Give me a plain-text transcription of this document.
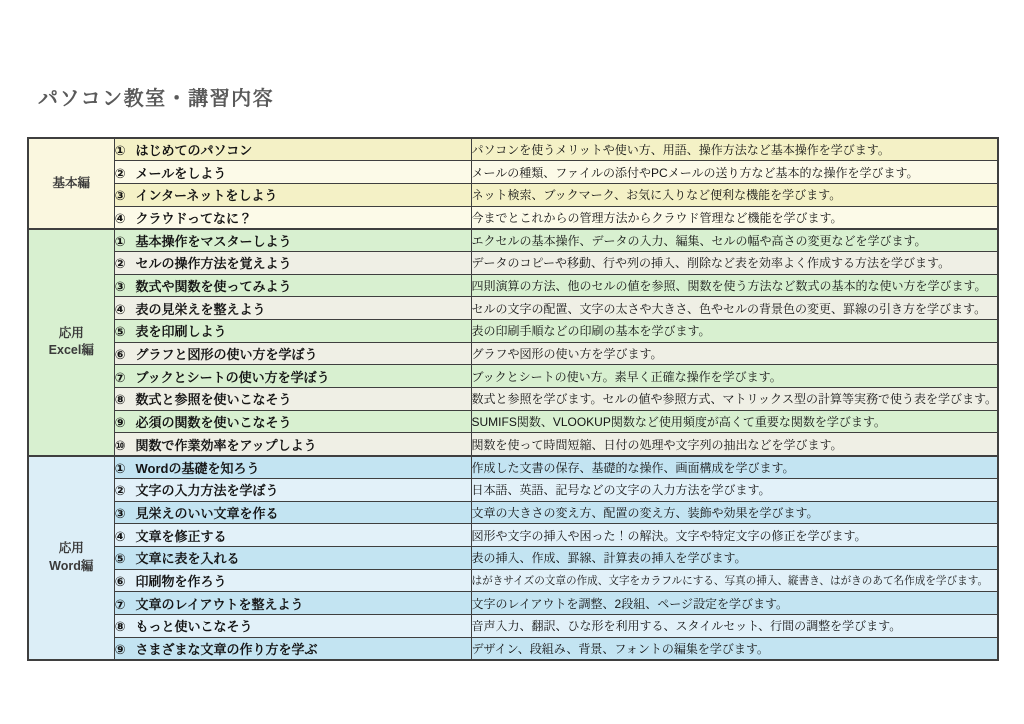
パソコン教室・講習内容
基本編	① はじめてのパソコン	パソコンを使うメリットや使い方、用語、操作方法など基本操作を学びます。
	② メールをしよう	メールの種類、ファイルの添付やPCメールの送り方など基本的な操作を学びます。
	③ インターネットをしよう	ネット検索、ブックマーク、お気に入りなど便利な機能を学びます。
	④ クラウドってなに？	今までとこれからの管理方法からクラウド管理など機能を学びます。

応用
Excel編	① 基本操作をマスターしよう	エクセルの基本操作、データの入力、編集、セルの幅や高さの変更などを学びます。
	② セルの操作方法を覚えよう	データのコピーや移動、行や列の挿入、削除など表を効率よく作成する方法を学びます。
	③ 数式や関数を使ってみよう	四則演算の方法、他のセルの値を参照、関数を使う方法など数式の基本的な使い方を学びます。
	④ 表の見栄えを整えよう	セルの文字の配置、文字の太さや大きさ、色やセルの背景色の変更、罫線の引き方を学びます。
	⑤ 表を印刷しよう	表の印刷手順などの印刷の基本を学びます。
	⑥ グラフと図形の使い方を学ぼう	グラフや図形の使い方を学びます。
	⑦ ブックとシートの使い方を学ぼう	ブックとシートの使い方。素早く正確な操作を学びます。
	⑧ 数式と参照を使いこなそう	数式と参照を学びます。セルの値や参照方式、マトリックス型の計算等実務で使う表を学びます。
	⑨ 必須の関数を使いこなそう	SUMIFS関数、VLOOKUP関数など使用頻度が高くて重要な関数を学びます。
	⑩ 関数で作業効率をアップしよう	関数を使って時間短縮、日付の処理や文字列の抽出などを学びます。

応用
Word編	① Wordの基礎を知ろう	作成した文書の保存、基礎的な操作、画面構成を学びます。
	② 文字の入力方法を学ぼう	日本語、英語、記号などの文字の入力方法を学びます。
	③ 見栄えのいい文章を作る	文章の大きさの変え方、配置の変え方、装飾や効果を学びます。
	④ 文章を修正する	図形や文字の挿入や困った！の解決。文字や特定文字の修正を学びます。
	⑤ 文章に表を入れる	表の挿入、作成、罫線、計算表の挿入を学びます。
	⑥ 印刷物を作ろう	はがきサイズの文章の作成、文字をカラフルにする、写真の挿入、縦書き、はがきのあて名作成を学びます。
	⑦ 文章のレイアウトを整えよう	文字のレイアウトを調整、2段組、ページ設定を学びます。
	⑧ もっと使いこなそう	音声入力、翻訳、ひな形を利用する、スタイルセット、行間の調整を学びます。
	⑨ さまざまな文章の作り方を学ぶ	デザイン、段組み、背景、フォントの編集を学びます。
